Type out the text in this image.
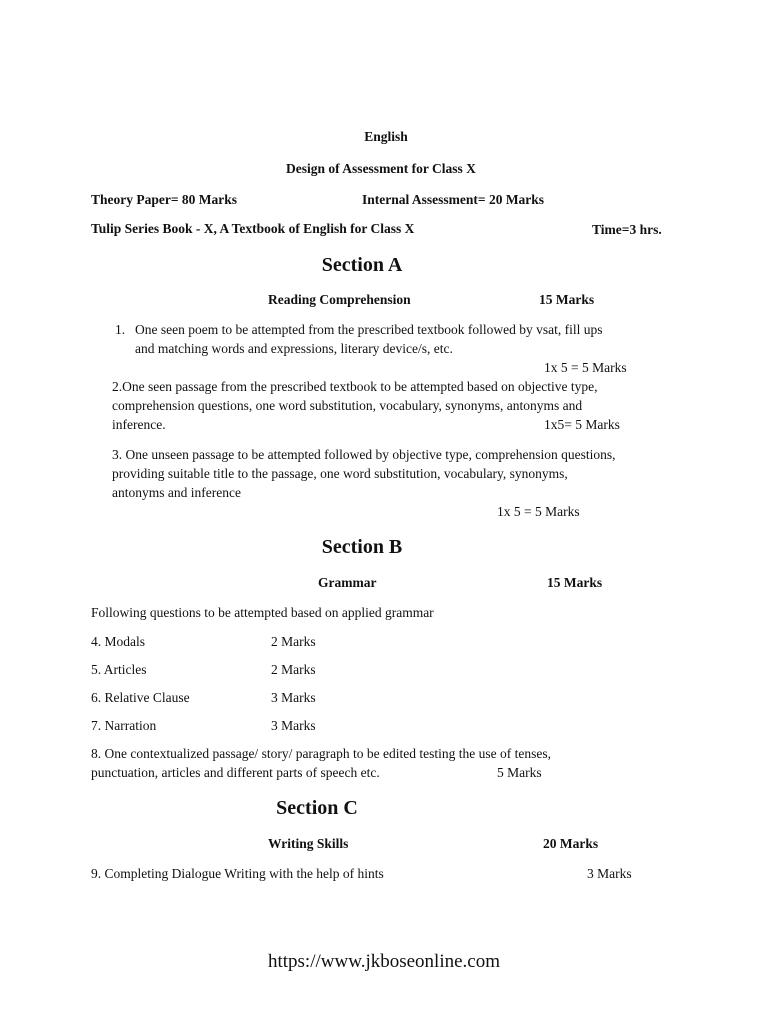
English
Design of Assessment for Class X
Theory Paper= 80 Marks	Internal Assessment= 20 Marks
Tulip Series Book - X, A Textbook of English for Class X	Time=3 hrs.
Section A
Reading Comprehension	15 Marks
1. One seen poem to be attempted from the prescribed textbook followed by vsat, fill ups
and matching words and expressions, literary device/s, etc.
1x 5 = 5 Marks
2.One seen passage from the prescribed textbook to be attempted based on objective type,
comprehension questions, one word substitution, vocabulary, synonyms, antonyms and
inference.	1x5= 5 Marks
3. One unseen passage to be attempted followed by objective type, comprehension questions,
providing suitable title to the passage, one word substitution, vocabulary, synonyms,
antonyms and inference
1x 5 = 5 Marks
Section B
Grammar	15 Marks
Following questions to be attempted based on applied grammar
4. Modals	2 Marks
5. Articles	2 Marks
6. Relative Clause	3 Marks
7. Narration	3 Marks
8. One contextualized passage/ story/ paragraph to be edited testing the use of tenses,
punctuation, articles and different parts of speech etc.	5 Marks
Section C
Writing Skills	20 Marks
9. Completing Dialogue Writing with the help of hints	3 Marks
https://www.jkboseonline.com
